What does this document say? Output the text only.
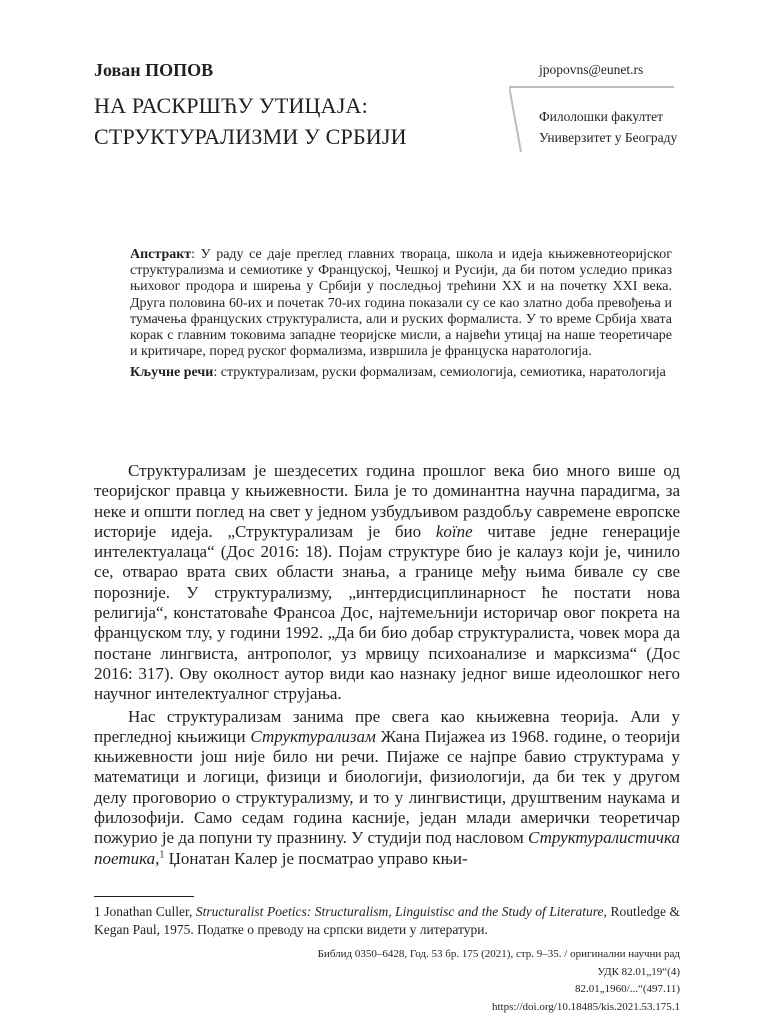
Јован ПОПОВ
НА РАСКРШЋУ УТИЦАЈА:
СТРУКТУРАЛИЗМИ У СРБИЈИ
jpopovns@eunet.rs
Филолошки факултет
Универзитет у Београду

Апстракт: У раду се даје преглед главних твораца, школа и идеја књижевнотеоријског структурализма и семиотике у Француској, Чешкој и Русији, да би потом уследио приказ њиховог продора и ширења у Србији у последњој трећини XX и на почетку XXI века. Друга половина 60-их и почетак 70-их година показали су се као златно доба превођења и тумачења француских структуралиста, али и руских формалиста. У то време Србија хвата корак с главним токовима западне теоријске мисли, а највећи утицај на наше теоретичаре и критичаре, поред руског формализма, извршила је француска наратологија.

Кључне речи: структурализам, руски формализам, семиологија, семиотика, наратологија

Структурализам је шездесетих година прошлог века био много више од теоријског правца у књижевности. Била је то доминантна научна парадигма, за неке и општи поглед на свет у једном узбудљивом раздобљу савремене европске историје идеја. „Структурализам је био koïne читаве једне генерације интелектуалаца“ (Дос 2016: 18). Појам структуре био је калауз који је, чинило се, отварао врата свих области знања, а границе међу њима бивале су све порозније. У структурализму, „интердисциплинарност ће постати нова религија“, констатоваће Франсоа Дос, најтемељнији историчар овог покрета на француском тлу, у години 1992. „Да би био добар структуралиста, човек мора да постане лингвиста, антрополог, уз мрвицу психоанализе и марксизма“ (Дос 2016: 317). Ову околност аутор види као назнаку једног више идеолошког него научног интелектуалног струјања.

Нас структурализам занима пре свега као књижевна теорија. Али у прегледној књижици Структурализам Жана Пијажеа из 1968. године, о теорији књижевности још није било ни речи. Пијаже се најпре бавио структурама у математици и логици, физици и биологији, физиологији, да би тек у другом делу проговорио о структурализму, и то у лингвистици, друштвеним наукама и филозофији. Само седам година касније, један млади амерички теоретичар пожурио је да попуни ту празнину. У студији под насловом Структуралистичка поетика,$^1$ Џонатан Калер је посматрао управо књи-

1 Jonathan Culler, Structuralist Poetics: Structuralism, Linguistisc and the Study of Literature, Routledge & Kegan Paul, 1975. Податке о преводу на српски видети у литератури.
Библид 0350–6428, Год. 53 бр. 175 (2021), стр. 9–35. / оригинални научни рад
УДК 82.01„19“(4)
82.01„1960/...“(497.11)
https://doi.org/10.18485/kis.2021.53.175.1
